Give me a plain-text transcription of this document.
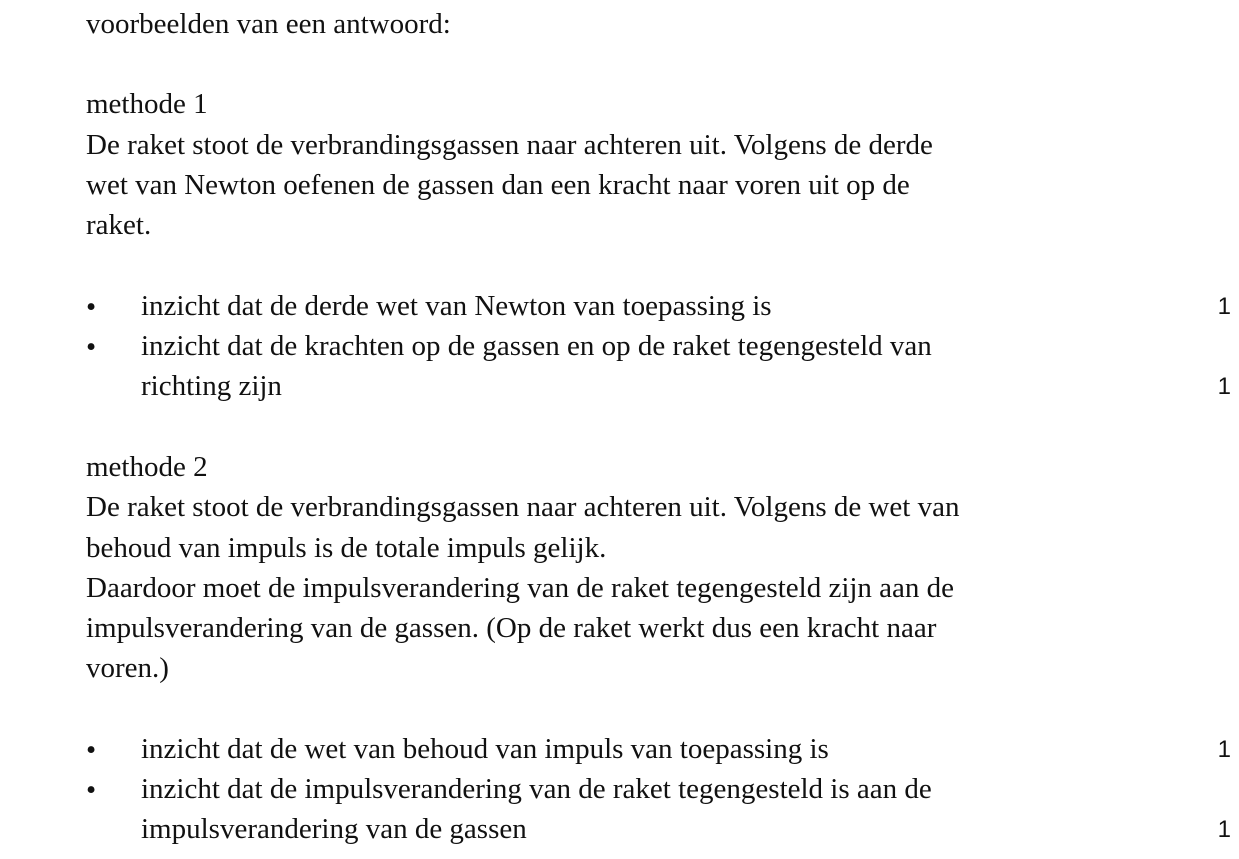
voorbeelden van een antwoord:
methode 1
De raket stoot de verbrandingsgassen naar achteren uit. Volgens de derde
wet van Newton oefenen de gassen dan een kracht naar voren uit op de
raket.
• inzicht dat de derde wet van Newton van toepassing is	1
• inzicht dat de krachten op de gassen en op de raket tegengesteld van
richting zijn	1
methode 2
De raket stoot de verbrandingsgassen naar achteren uit. Volgens de wet van
behoud van impuls is de totale impuls gelijk.
Daardoor moet de impulsverandering van de raket tegengesteld zijn aan de
impulsverandering van de gassen. (Op de raket werkt dus een kracht naar
voren.)
• inzicht dat de wet van behoud van impuls van toepassing is	1
• inzicht dat de impulsverandering van de raket tegengesteld is aan de
impulsverandering van de gassen	1
